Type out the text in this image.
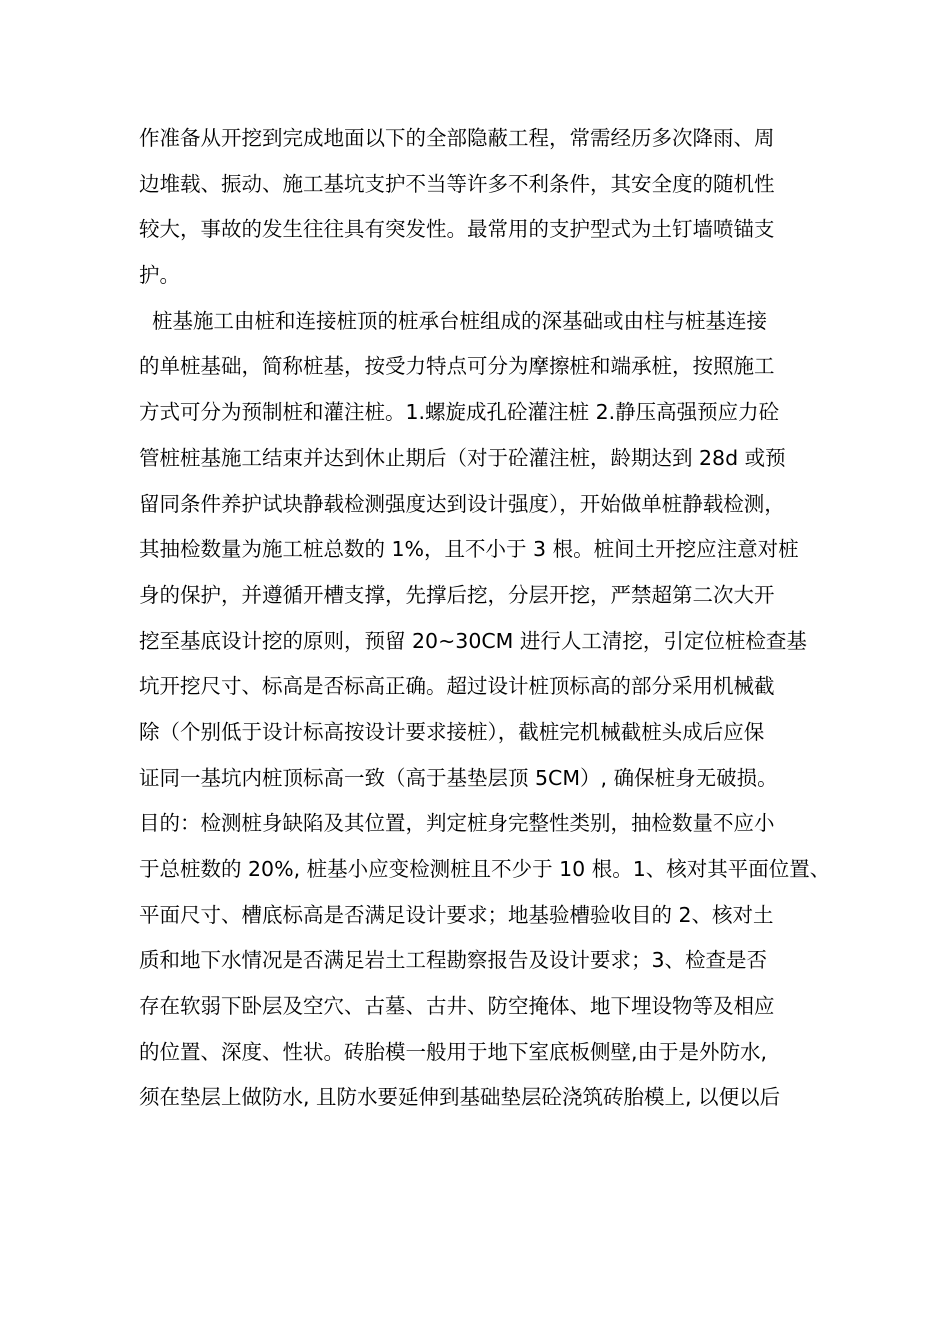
作准备从开挖到完成地面以下的全部隐蔽工程，常需经历多次降雨、周
边堆载、振动、施工基坑支护不当等许多不利条件，其安全度的随机性
较大，事故的发生往往具有突发性。最常用的支护型式为土钉墙喷锚支
护。
桩基施工由桩和连接桩顶的桩承台桩组成的深基础或由柱与桩基连接
的单桩基础，简称桩基，按受力特点可分为摩擦桩和端承桩，按照施工
方式可分为预制桩和灌注桩。1.螺旋成孔砼灌注桩 2.静压高强预应力砼
管桩桩基施工结束并达到休止期后（对于砼灌注桩，龄期达到 28d 或预
留同条件养护试块静载检测强度达到设计强度），开始做单桩静载检测，
其抽检数量为施工桩总数的 1%，且不小于 3 根。桩间土开挖应注意对桩
身的保护，并遵循开槽支撑，先撑后挖，分层开挖，严禁超第二次大开
挖至基底设计挖的原则，预留 20~30CM 进行人工清挖，引定位桩检查基
坑开挖尺寸、标高是否标高正确。超过设计桩顶标高的部分采用机械截
除（个别低于设计标高按设计要求接桩），截桩完机械截桩头成后应保
证同一基坑内桩顶标高一致（高于基垫层顶 5CM）, 确保桩身无破损。
目的：检测桩身缺陷及其位置，判定桩身完整性类别，抽检数量不应小
于总桩数的 20%, 桩基小应变检测桩且不少于 10 根。1、核对其平面位置、
平面尺寸、槽底标高是否满足设计要求；地基验槽验收目的 2、核对土
质和地下水情况是否满足岩土工程勘察报告及设计要求；3、检查是否
存在软弱下卧层及空穴、古墓、古井、防空掩体、地下埋设物等及相应
的位置、深度、性状。砖胎模一般用于地下室底板侧壁,由于是外防水,
须在垫层上做防水, 且防水要延伸到基础垫层砼浇筑砖胎模上, 以便以后
